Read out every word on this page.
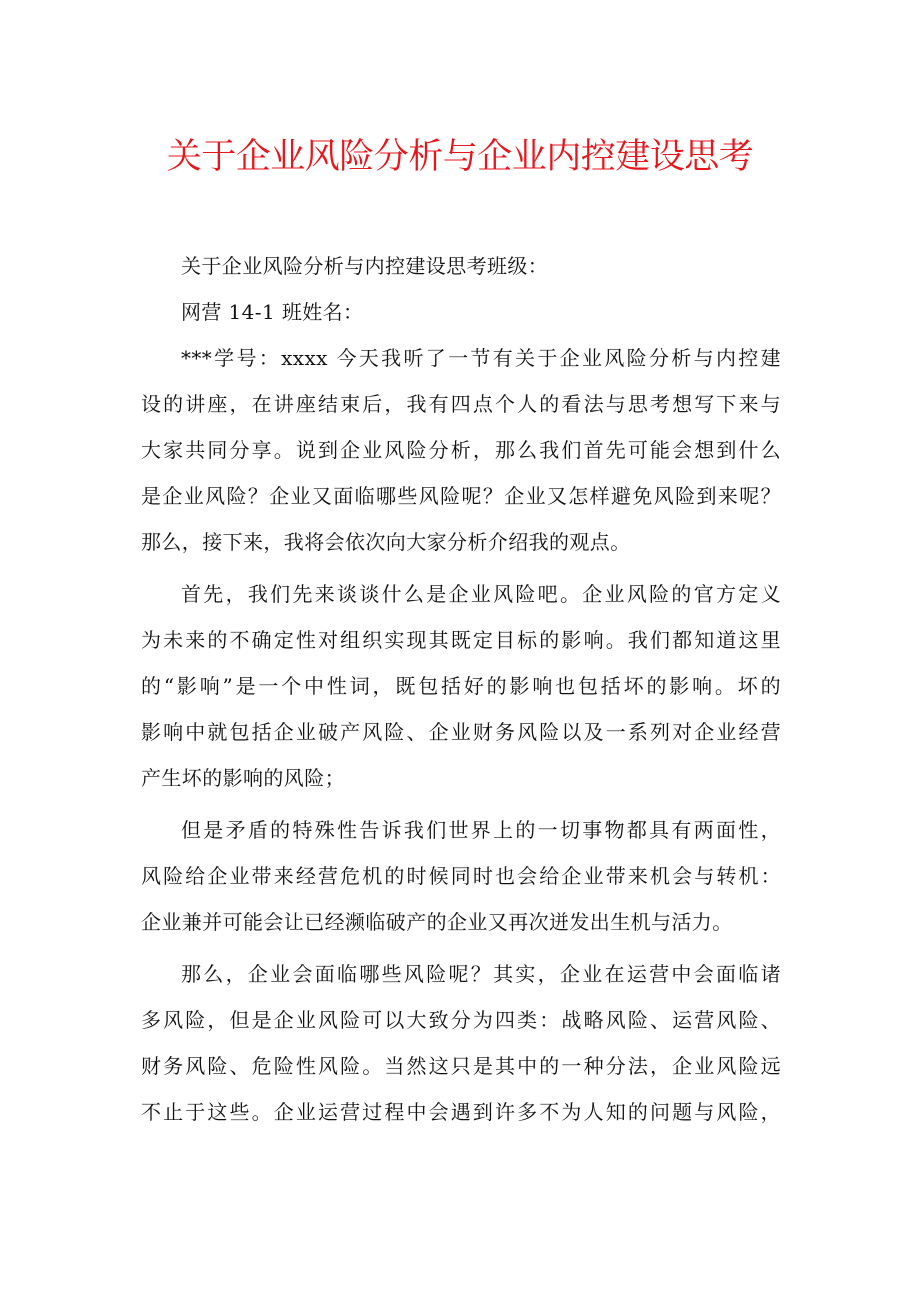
关于企业风险分析与企业内控建设思考
关于企业风险分析与内控建设思考班级：
网营 14-1 班姓名：
***学号：xxxx 今天我听了一节有关于企业风险分析与内控建
设的讲座，在讲座结束后，我有四点个人的看法与思考想写下来与
大家共同分享。说到企业风险分析，那么我们首先可能会想到什么
是企业风险？企业又面临哪些风险呢？企业又怎样避免风险到来呢？
那么，接下来，我将会依次向大家分析介绍我的观点。
首先，我们先来谈谈什么是企业风险吧。企业风险的官方定义
为未来的不确定性对组织实现其既定目标的影响。我们都知道这里
的“影响”是一个中性词，既包括好的影响也包括坏的影响。坏的
影响中就包括企业破产风险、企业财务风险以及一系列对企业经营
产生坏的影响的风险；
但是矛盾的特殊性告诉我们世界上的一切事物都具有两面性，
风险给企业带来经营危机的时候同时也会给企业带来机会与转机：
企业兼并可能会让已经濒临破产的企业又再次迸发出生机与活力。
那么，企业会面临哪些风险呢？其实，企业在运营中会面临诸
多风险，但是企业风险可以大致分为四类：战略风险、运营风险、
财务风险、危险性风险。当然这只是其中的一种分法，企业风险远
不止于这些。企业运营过程中会遇到许多不为人知的问题与风险，
